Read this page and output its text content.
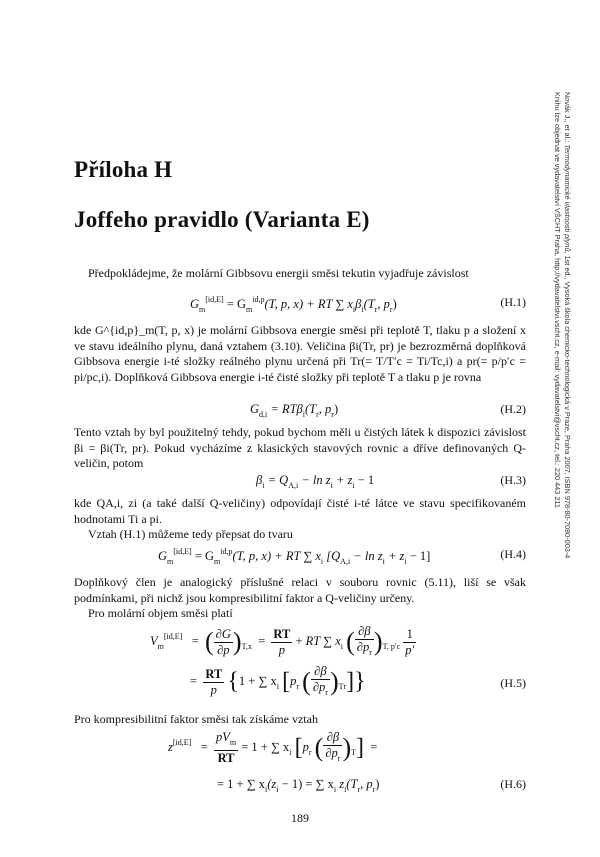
Novák J., et al.: Termodynamické vlastnosti plynů, 1st ed., Vysoká škola chemicko-technologická v Praze, Praha 2007, ISBN 978-80-7080-003-4
Knihu lze objednat ve vydavatelství VŠCHT Praha, http://vydavatelstvi.vscht.cz, e-mail: vydavatelstvi@vscht.cz, tel.: 220 443 211
Příloha H
Joffeho pravidlo (Varianta E)
Předpokládejme, že molární Gibbsovu energii směsi tekutin vyjadřuje závislost
$G_m[id,E] = G_m^{id,p}(T$, p, x) + RT ∑ $x_i\beta_i(T_r$, $p_r$)	(H.1)
kde G^{id,p}_m(T, p, x) je molární Gibbsova energie směsi při teplotě T, tlaku p a složení x ve stavu ideálního plynu, daná vztahem (3.10). Veličina βi(Tr, pr) je bezrozměrná doplňková Gibbsova energie i-té složky reálného plynu určená při Tr(= T/T′c = Ti/Tc,i) a pr(= p/p′c = pi/pc,i). Doplňková Gibbsova energie i-té čisté složky při teplotě T a tlaku p je rovna
$G_{d,i} = RT\beta_i(T_r$, $p_r$)	(H.2)
Tento vztah by byl použitelný tehdy, pokud bychom měli u čistých látek k dispozici závislost βi = βi(Tr, pr). Pokud vycházíme z klasických stavových rovnic a dříve definovaných Q-veličin, potom
$\beta_i = Q_{A,i} - \ln z_i + z_i - 1$	(H.3)
kde QA,i, zi (a také další Q-veličiny) odpovídají čisté i-té látce ve stavu specifikovaném hodnotami Ti a pi.
Vztah (H.1) můžeme tedy přepsat do tvaru
$G_m[id,E] = G_m^{id,p}(T$, p, x) + RT ∑ $x_i$ $[Q_{A,i} - \ln z_i + z_i - 1]$	(H.4)
Doplňkový člen je analogický příslušné relaci v souboru rovnic (5.11), liší se však podmínkami, při nichž jsou kompresibilitní faktor a Q-veličiny určeny.
Pro molární objem směsi platí
$V_m[id,E]$ = ( $\frac{\partial G}{\partial p} )_{T,x} = \frac{RT}{p}$ + RT ∑ $x_i$ ( $\frac{\partial\beta}{\partial p_r} )_{T, p'c} \frac{1}{p'}$
= $\frac{RT}{p} \{1$ + ∑ $x_i$ [$p_r$ ( $\frac{\partial\beta}{\partial p_r} )_{Tr}$]}	(H.5)
Pro kompresibilitní faktor směsi tak získáme vztah
$z[id,E] = \frac{pV_m}{RT} = 1$ + ∑ $x_i$ [$p_r$ ( $\frac{\partial\beta}{\partial p_r} )_T$] =
= 1 + ∑ $x_i(z_i - 1)$ = ∑ $x_i$ $z_i(T_r$, $p_r$)	(H.6)
189
